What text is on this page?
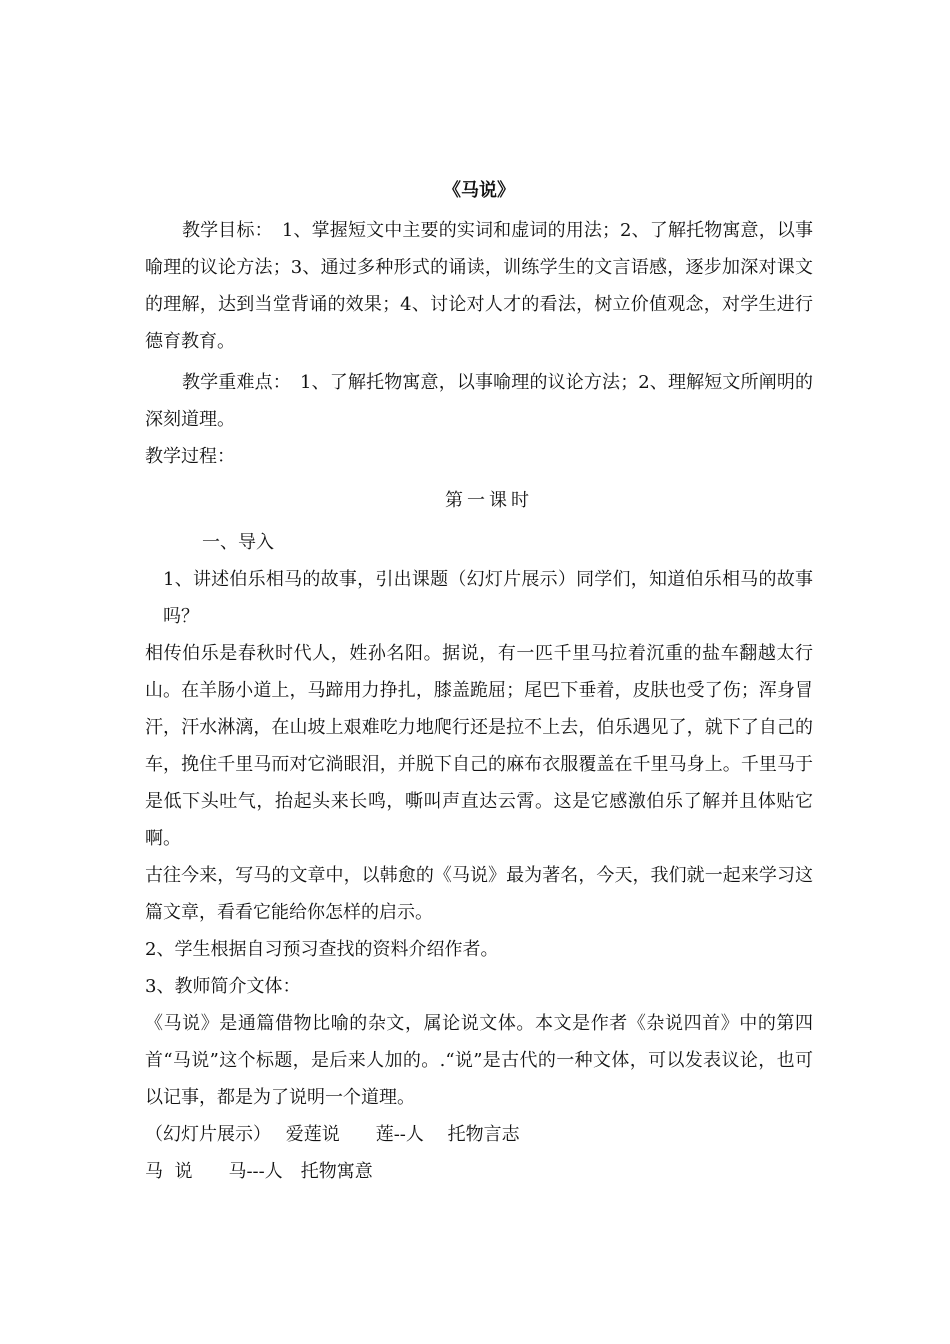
《马说》
教学目标：　1、掌握短文中主要的实词和虚词的用法；2、了解托物寓意，以事喻理的议论方法；3、通过多种形式的诵读，训练学生的文言语感，逐步加深对课文的理解，达到当堂背诵的效果；4、讨论对人才的看法，树立价值观念，对学生进行德育教育。
教学重难点：　1、了解托物寓意，以事喻理的议论方法；2、理解短文所阐明的深刻道理。
教学过程：
第一课时
一、导入
1、讲述伯乐相马的故事，引出课题（幻灯片展示）同学们，知道伯乐相马的故事吗？
相传伯乐是春秋时代人，姓孙名阳。据说，有一匹千里马拉着沉重的盐车翻越太行山。在羊肠小道上，马蹄用力挣扎，膝盖跪屈；尾巴下垂着，皮肤也受了伤；浑身冒汗，汗水淋漓，在山坡上艰难吃力地爬行还是拉不上去，伯乐遇见了，就下了自己的车，挽住千里马而对它淌眼泪，并脱下自己的麻布衣服覆盖在千里马身上。千里马于是低下头吐气，抬起头来长鸣，嘶叫声直达云霄。这是它感激伯乐了解并且体贴它啊。
古往今来，写马的文章中，以韩愈的《马说》最为著名，今天，我们就一起来学习这篇文章，看看它能给你怎样的启示。
2、学生根据自习预习查找的资料介绍作者。
3、教师简介文体：
《马说》是通篇借物比喻的杂文，属论说文体。本文是作者《杂说四首》中的第四首“马说”这个标题，是后来人加的。.“说”是古代的一种文体，可以发表议论，也可以记事，都是为了说明一个道理。
（幻灯片展示）　 爱莲说　　莲--人　 托物言志
马  说　　马---人　托物寓意
